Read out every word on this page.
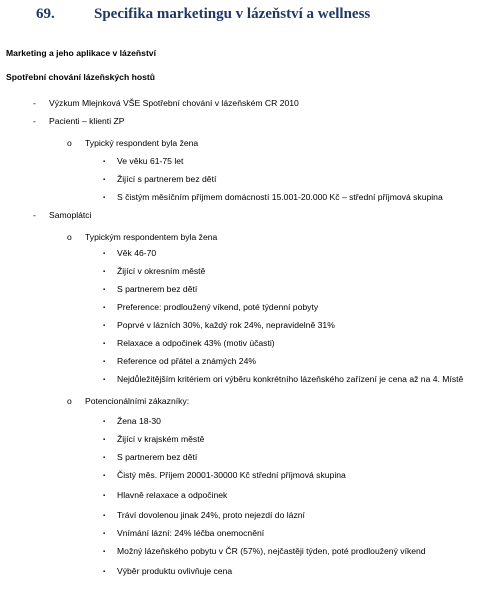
69.	Specifika marketingu v lázeňství a wellness
Marketing a jeho aplikace v lázeňství
Spotřební chování lázeňských hostů
- Výzkum Mlejnková VŠE Spotřební chování v lázeňském CR 2010
- Pacienti – klienti ZP
o Typický respondent byla žena
▪ Ve věku 61-75 let
▪ Žijící s partnerem bez dětí
▪ S čistým měsíčním příjmem domácností 15.001-20.000 Kč – střední příjmová skupina
- Samoplátci
o Typickým respondentem byla žena
▪ Věk 46-70
▪ Žijící v okresním městě
▪ S partnerem bez dětí
▪ Preference: prodloužený víkend, poté týdenní pobyty
▪ Poprvé v lázních 30%, každý rok 24%, nepravidelně 31%
▪ Relaxace a odpočinek 43% (motiv účasti)
▪ Reference od přátel a známých 24%
▪ Nejdůležitějším kritériem ori výběru konkrétního lázeňského zařízení je cena až na 4. Místě
o Potencionálními zákazníky:
▪ Žena 18-30
▪ Žijící v krajském městě
▪ S partnerem bez dětí
▪ Čistý měs. Příjem 20001-30000 Kč střední příjmová skupina
▪ Hlavně relaxace a odpočinek
▪ Tráví dovolenou jinak 24%, proto nejezdí do lázní
▪ Vnímání lázní: 24% léčba onemocnění
▪ Možný lázeňského pobytu v ČR (57%), nejčastěji týden, poté prodloužený víkend
▪ Výběr produktu ovlivňuje cena
